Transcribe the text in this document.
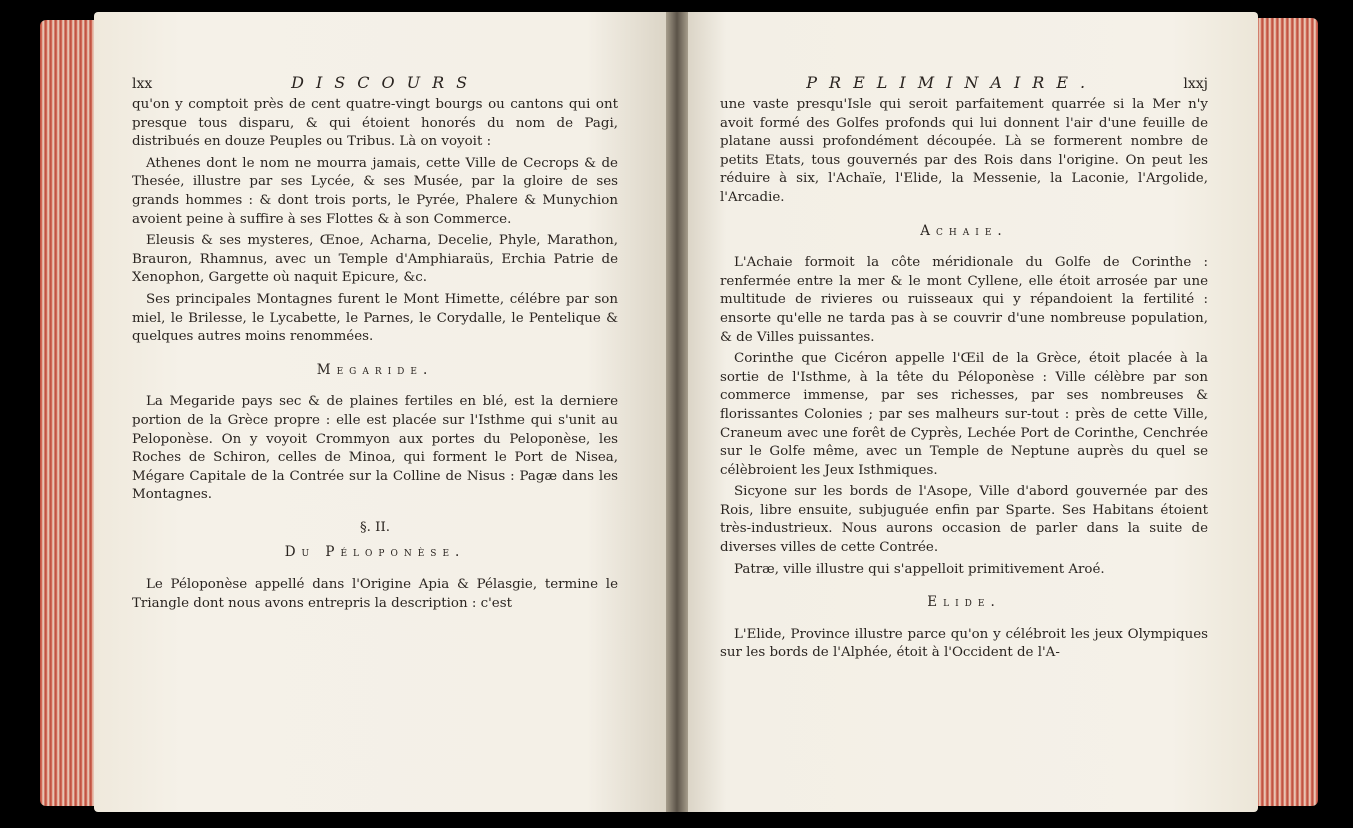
lxx	DISCOURS

qu'on y comptoit près de cent quatre-vingt bourgs ou cantons qui ont presque tous disparu, & qui étoient honorés du nom de Pagi, distribués en douze Peuples ou Tribus. Là on voyoit :

Athenes dont le nom ne mourra jamais, cette Ville de Cecrops & de Thesée, illustre par ses Lycée, & ses Musée, par la gloire de ses grands hommes : & dont trois ports, le Pyrée, Phalere & Munychion avoient peine à suffire à ses Flottes & à son Commerce.

Eleusis & ses mysteres, Œnoe, Acharna, Decelie, Phyle, Marathon, Brauron, Rhamnus, avec un Temple d'Amphiaraüs, Erchia Patrie de Xenophon, Gargette où naquit Epicure, &c.

Ses principales Montagnes furent le Mont Himette, célébre par son miel, le Brilesse, le Lycabette, le Parnes, le Corydalle, le Pentelique & quelques autres moins renommées.

Megaride.

La Megaride pays sec & de plaines fertiles en blé, est la derniere portion de la Grèce propre : elle est placée sur l'Isthme qui s'unit au Peloponèse. On y voyoit Crommyon aux portes du Peloponèse, les Roches de Schiron, celles de Minoa, qui forment le Port de Nisea, Mégare Capitale de la Contrée sur la Colline de Nisus : Pagæ dans les Montagnes.

§. II.
Du Péloponèse.

Le Péloponèse appellé dans l'Origine Apia & Pélasgie, termine le Triangle dont nous avons entrepris la description : c'est

PRELIMINAIRE.	lxxj

une vaste presqu'Isle qui seroit parfaitement quarrée si la Mer n'y avoit formé des Golfes profonds qui lui donnent l'air d'une feuille de platane aussi profondément découpée. Là se formerent nombre de petits Etats, tous gouvernés par des Rois dans l'origine. On peut les réduire à six, l'Achaïe, l'Elide, la Messenie, la Laconie, l'Argolide, l'Arcadie.

Achaie.

L'Achaie formoit la côte méridionale du Golfe de Corinthe : renfermée entre la mer & le mont Cyllene, elle étoit arrosée par une multitude de rivieres ou ruisseaux qui y répandoient la fertilité : ensorte qu'elle ne tarda pas à se couvrir d'une nombreuse population, & de Villes puissantes.

Corinthe que Cicéron appelle l'Œil de la Grèce, étoit placée à la sortie de l'Isthme, à la tête du Péloponèse : Ville célèbre par son commerce immense, par ses richesses, par ses nombreuses & florissantes Colonies ; par ses malheurs sur-tout : près de cette Ville, Craneum avec une forêt de Cyprès, Lechée Port de Corinthe, Cenchrée sur le Golfe même, avec un Temple de Neptune auprès du quel se célèbroient les Jeux Isthmiques.

Sicyone sur les bords de l'Asope, Ville d'abord gouvernée par des Rois, libre ensuite, subjuguée enfin par Sparte. Ses Habitans étoient très-industrieux. Nous aurons occasion de parler dans la suite de diverses villes de cette Contrée.

Patræ, ville illustre qui s'appelloit primitivement Aroé.

Elide.

L'Elide, Province illustre parce qu'on y célébroit les jeux Olympiques sur les bords de l'Alphée, étoit à l'Occident de l'A-
